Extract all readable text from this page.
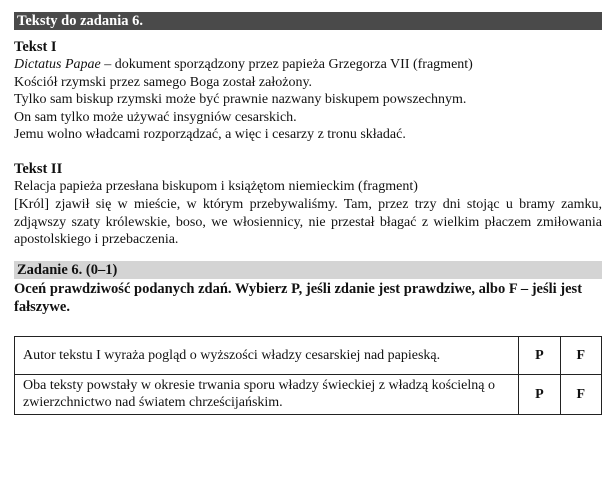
Teksty do zadania 6.
Tekst I
Dictatus Papae – dokument sporządzony przez papieża Grzegorza VII (fragment)
Kościół rzymski przez samego Boga został założony.
Tylko sam biskup rzymski może być prawnie nazwany biskupem powszechnym.
On sam tylko może używać insygniów cesarskich.
Jemu wolno władcami rozporządzać, a więc i cesarzy z tronu składać.
Tekst II
Relacja papieża przesłana biskupom i książętom niemieckim (fragment)
[Król] zjawił się w mieście, w którym przebywaliśmy. Tam, przez trzy dni stojąc u bramy zamku, zdjąwszy szaty królewskie, boso, we włosiennicy, nie przestał błagać z wielkim płaczem zmiłowania apostolskiego i przebaczenia.
Zadanie 6. (0–1)
Oceń prawdziwość podanych zdań. Wybierz P, jeśli zdanie jest prawdziwe, albo F – jeśli jest fałszywe.
Autor tekstu I wyraża pogląd o wyższości władzy cesarskiej nad papieską.	P	F
Oba teksty powstały w okresie trwania sporu władzy świeckiej z władzą kościelną o zwierzchnictwo nad światem chrześcijańskim.	P	F
